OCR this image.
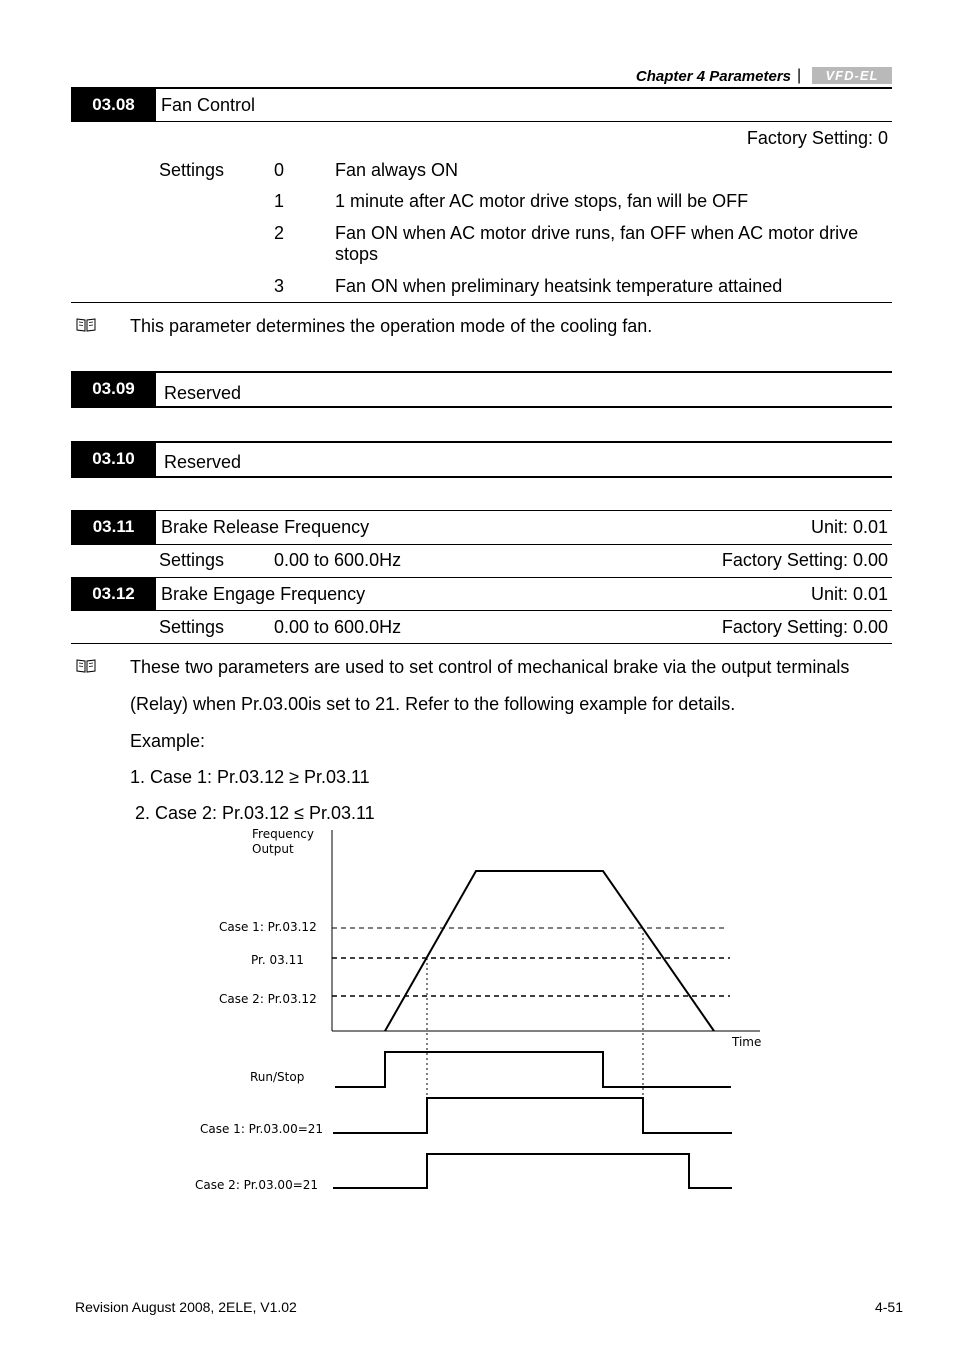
Chapter 4 Parameters |	VFD-EL
03.08	Fan Control
Factory Setting: 0
Settings	0	Fan always ON
1	1 minute after AC motor drive stops, fan will be OFF
2	Fan ON when AC motor drive runs, fan OFF when AC motor drive
stops
3	Fan ON when preliminary heatsink temperature attained
This parameter determines the operation mode of the cooling fan.
03.09	Reserved
03.10	Reserved
03.11	Brake Release Frequency	Unit: 0.01
Settings	0.00 to 600.0Hz	Factory Setting: 0.00
03.12	Brake Engage Frequency	Unit: 0.01
Settings	0.00 to 600.0Hz	Factory Setting: 0.00
These two parameters are used to set control of mechanical brake via the output terminals
(Relay) when Pr.03.00is set to 21. Refer to the following example for details.
Example:
1. Case 1: Pr.03.12 ≥ Pr.03.11
2. Case 2: Pr.03.12 ≤ Pr.03.11
Frequency
Output
Time
Case 1: Pr.03.12
Pr. 03.11
Case 2: Pr.03.12
Run/Stop
Case 1: Pr.03.00=21
Case 2: Pr.03.00=21
Revision August 2008, 2ELE, V1.02	4-51
